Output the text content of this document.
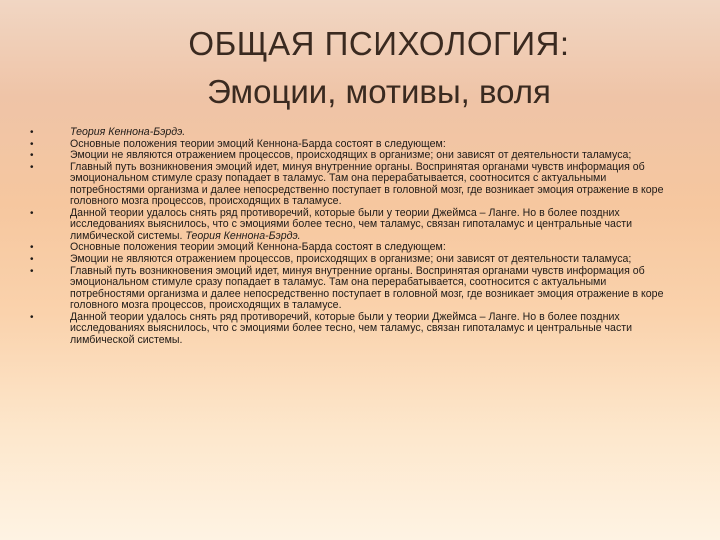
ОБЩАЯ ПСИХОЛОГИЯ:
Эмоции, мотивы, воля
•	Теория Кеннона-Бэрдэ.
•	Основные положения теории эмоций Кеннона-Барда состоят в следующем:
•	Эмоции не являются отражением процессов, происходящих в организме; они зависят от деятельности таламуса;
•	Главный путь возникновения эмоций идет, минуя внутренние органы. Воспринятая органами чувств информация об эмоциональном стимуле сразу попадает в таламус. Там она перерабатывается, соотносится с актуальными потребностями организма и далее непосредственно поступает в головной мозг, где возникает эмоция отражение в коре головного мозга процессов, происходящих в таламусе.
•	Данной теории удалось снять ряд противоречий, которые были у теории Джеймса – Ланге. Но в более поздних исследованиях выяснилось, что с эмоциями более тесно, чем таламус, связан гипоталамус и центральные части лимбической системы. Теория Кеннона-Бэрдэ.
•	Основные положения теории эмоций Кеннона-Барда состоят в следующем:
•	Эмоции не являются отражением процессов, происходящих в организме; они зависят от деятельности таламуса;
•	Главный путь возникновения эмоций идет, минуя внутренние органы. Воспринятая органами чувств информация об эмоциональном стимуле сразу попадает в таламус. Там она перерабатывается, соотносится с актуальными потребностями организма и далее непосредственно поступает в головной мозг, где возникает эмоция отражение в коре головного мозга процессов, происходящих в таламусе.
•	Данной теории удалось снять ряд противоречий, которые были у теории Джеймса – Ланге. Но в более поздних исследованиях выяснилось, что с эмоциями более тесно, чем таламус, связан гипоталамус и центральные части лимбической системы.
